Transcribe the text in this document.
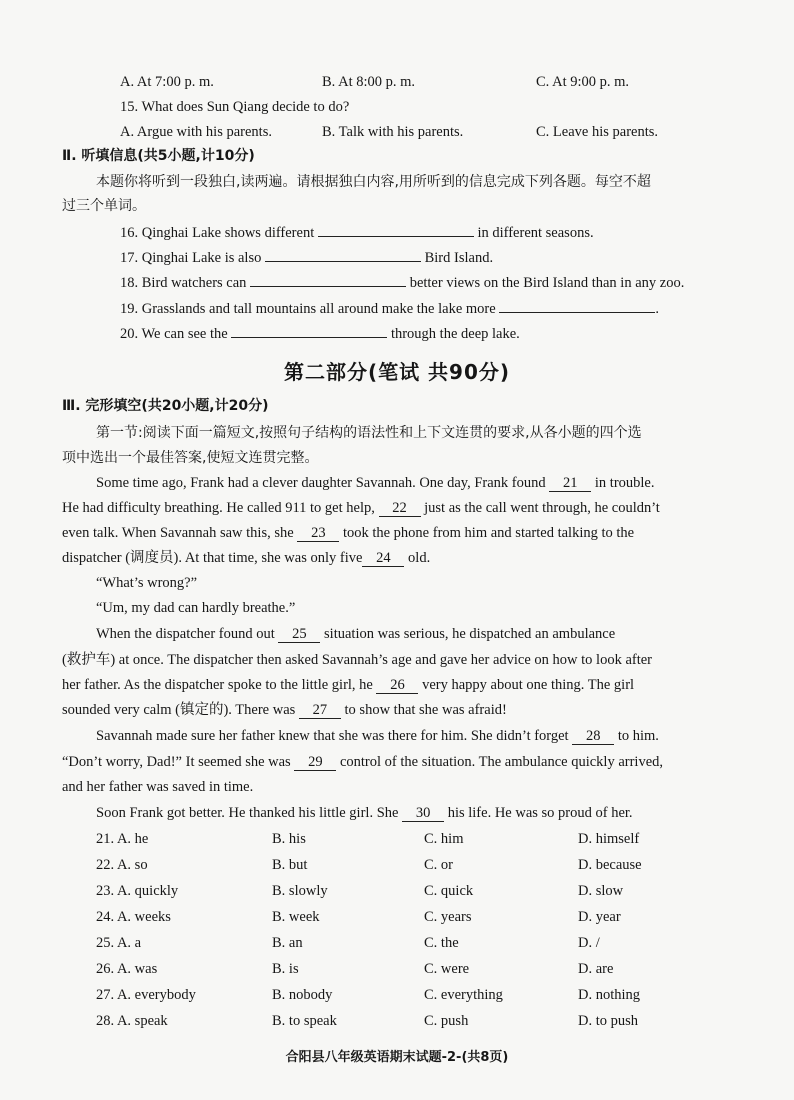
A. At 7:00 p. m.	B. At 8:00 p. m.	C. At 9:00 p. m.
15. What does Sun Qiang decide to do?
A. Argue with his parents.	B. Talk with his parents.	C. Leave his parents.
Ⅱ. 听填信息(共5小题,计10分)
本题你将听到一段独白,读两遍。请根据独白内容,用所听到的信息完成下列各题。每空不超
过三个单词。
16. Qinghai Lake shows different	in different seasons.
17. Qinghai Lake is also	Bird Island.
18. Bird watchers can	better views on the Bird Island than in any zoo.
19. Grasslands and tall mountains all around make the lake more	.
20. We can see the	through the deep lake.
第二部分(笔试 共90分)
Ⅲ. 完形填空(共20小题,计20分)
第一节:阅读下面一篇短文,按照句子结构的语法性和上下文连贯的要求,从各小题的四个选
项中选出一个最佳答案,使短文连贯完整。
Some time ago, Frank had a clever daughter Savannah. One day, Frank found 21 in trouble.
He had difficulty breathing. He called 911 to get help, 22 just as the call went through, he couldn’t
even talk. When Savannah saw this, she 23 took the phone from him and started talking to the
dispatcher (调度员). At that time, she was only five 24 old.
“What’s wrong?”
“Um, my dad can hardly breathe.”
When the dispatcher found out 25 situation was serious, he dispatched an ambulance
(救护车) at once. The dispatcher then asked Savannah’s age and gave her advice on how to look after
her father. As the dispatcher spoke to the little girl, he 26 very happy about one thing. The girl
sounded very calm (镇定的). There was 27 to show that she was afraid!
Savannah made sure her father knew that she was there for him. She didn’t forget 28 to him.
“Don’t worry, Dad!” It seemed she was 29 control of the situation. The ambulance quickly arrived,
and her father was saved in time.
Soon Frank got better. He thanked his little girl. She 30 his life. He was so proud of her.
21. A. he	B. his	C. him	D. himself
22. A. so	B. but	C. or	D. because
23. A. quickly	B. slowly	C. quick	D. slow
24. A. weeks	B. week	C. years	D. year
25. A. a	B. an	C. the	D. /
26. A. was	B. is	C. were	D. are
27. A. everybody	B. nobody	C. everything	D. nothing
28. A. speak	B. to speak	C. push	D. to push
合阳县八年级英语期末试题-2-(共8页)
